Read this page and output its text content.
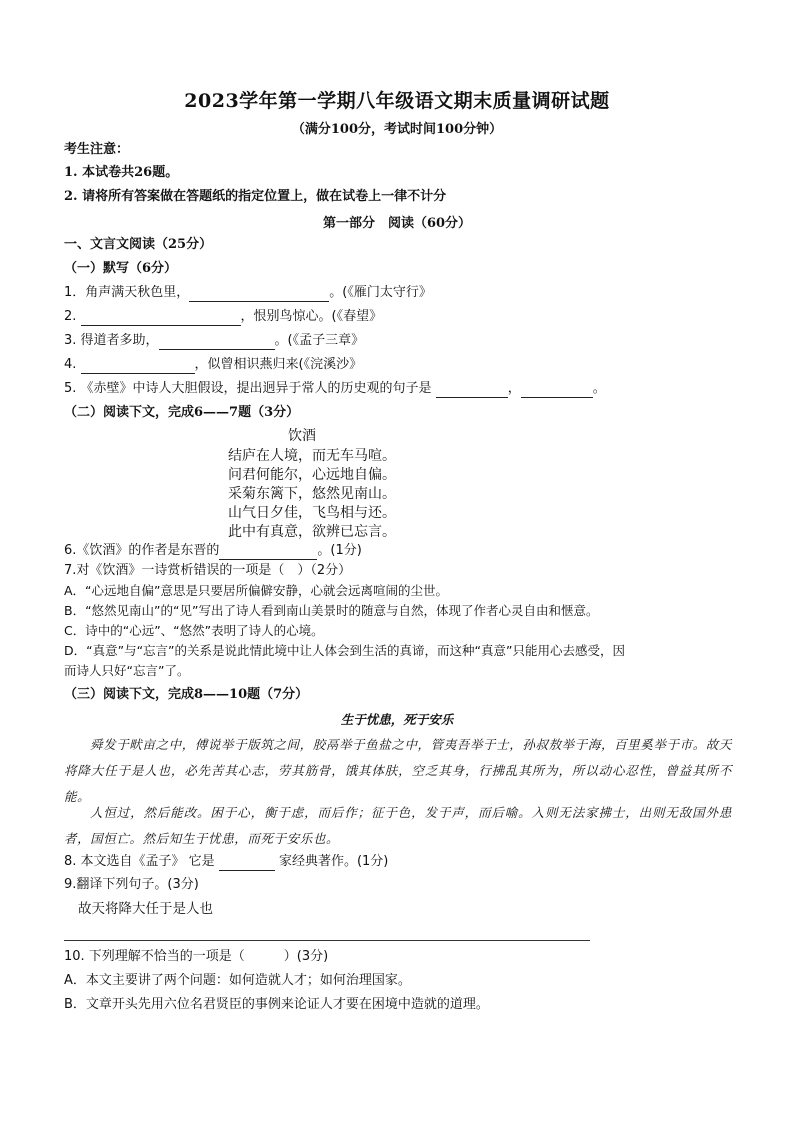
2023学年第一学期八年级语文期末质量调研试题
（满分100分，考试时间100分钟）
考生注意：
1. 本试卷共26题。
2. 请将所有答案做在答题纸的指定位置上，做在试卷上一律不计分
第一部分　阅读（60分）
一、文言文阅读（25分）
（一）默写（6分）
1．角声满天秋色里，	。(《雁门太守行》
2.	，恨别鸟惊心。(《春望》
3. 得道者多助，	。(《孟子三章》
4.	，似曾相识燕归来(《浣溪沙》
5. 《赤壁》中诗人大胆假设，提出迥异于常人的历史观的句子是	，	。
（二）阅读下文，完成6——7题（3分）
饮酒
结庐在人境，而无车马喧。
问君何能尔，心远地自偏。
采菊东篱下，悠然见南山。
山气日夕佳，飞鸟相与还。
此中有真意，欲辨已忘言。
6.《饮酒》的作者是东晋的	。(1分)
7.对《饮酒》一诗赏析错误的一项是（　）（2分）
A．“心远地自偏”意思是只要居所偏僻安静，心就会远离喧闹的尘世。
B．“悠然见南山”的“见”写出了诗人看到南山美景时的随意与自然，体现了作者心灵自由和惬意。
C．诗中的“心远”、“悠然”表明了诗人的心境。
D．“真意”与“忘言”的关系是说此情此境中让人体会到生活的真谛，而这种“真意”只能用心去感受，因
而诗人只好“忘言”了。
（三）阅读下文，完成8——10题（7分）
生于忧患，死于安乐
舜发于畎亩之中，傅说举于版筑之间，胶鬲举于鱼盐之中，管夷吾举于士，孙叔敖举于海，百里奚举于市。故天将降大任于是人也，必先苦其心志，劳其筋骨，饿其体肤，空乏其身，行拂乱其所为，所以动心忍性，曾益其所不能。
人恒过，然后能改。困于心，衡于虑，而后作；征于色，发于声，而后喻。入则无法家拂士，出则无敌国外患者，国恒亡。然后知生于忧患，而死于安乐也。
8. 本文选自《孟子》 它是	家经典著作。(1分)
9.翻译下列句子。(3分)
故天将降大任于是人也
10. 下列理解不恰当的一项是（　　　）(3分)
A．本文主要讲了两个问题：如何造就人才；如何治理国家。
B．文章开头先用六位名君贤臣的事例来论证人才要在困境中造就的道理。
